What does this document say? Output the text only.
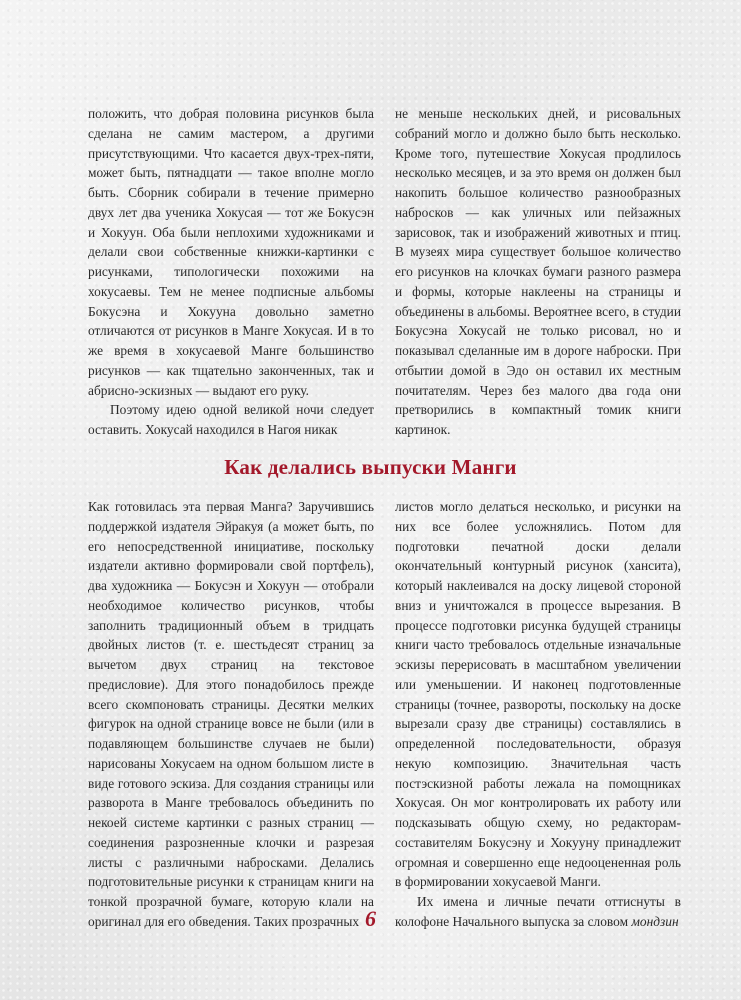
положить, что добрая половина рисунков была сделана не самим мастером, а другими присутствующими. Что касается двух-трех-пяти, может быть, пятнадцати — такое вполне могло быть. Сборник собирали в течение примерно двух лет два ученика Хокусая — тот же Бокусэн и Хокуун. Оба были неплохими художниками и делали свои собственные книжки-картинки с рисунками, типологически похожими на хокусаевы. Тем не менее подписные альбомы Бокусэна и Хокууна довольно заметно отличаются от рисунков в Манге Хокусая. И в то же время в хокусаевой Манге большинство рисунков — как тщательно законченных, так и абрисно-эскизных — выдают его руку.

Поэтому идею одной великой ночи следует оставить. Хокусай находился в Нагоя никак

не меньше нескольких дней, и рисовальных собраний могло и должно было быть несколько. Кроме того, путешествие Хокусая продлилось несколько месяцев, и за это время он должен был накопить большое количество разнообразных набросков — как уличных или пейзажных зарисовок, так и изображений животных и птиц. В музеях мира существует большое количество его рисунков на клочках бумаги разного размера и формы, которые наклеены на страницы и объединены в альбомы. Вероятнее всего, в студии Бокусэна Хокусай не только рисовал, но и показывал сделанные им в дороге наброски. При отбытии домой в Эдо он оставил их местным почитателям. Через без малого два года они претворились в компактный томик книги картинок.

Как делались выпуски Манги

Как готовилась эта первая Манга? Заручившись поддержкой издателя Эйракуя (а может быть, по его непосредственной инициативе, поскольку издатели активно формировали свой портфель), два художника — Бокусэн и Хокуун — отобрали необходимое количество рисунков, чтобы заполнить традиционный объем в тридцать двойных листов (т. е. шестьдесят страниц за вычетом двух страниц на текстовое предисловие). Для этого понадобилось прежде всего скомпоновать страницы. Десятки мелких фигурок на одной странице вовсе не были (или в подавляющем большинстве случаев не были) нарисованы Хокусаем на одном большом листе в виде готового эскиза. Для создания страницы или разворота в Манге требовалось объединить по некоей системе картинки с разных страниц — соединения разрозненные клочки и разрезая листы с различными набросками. Делались подготовительные рисунки к страницам книги на тонкой прозрачной бумаге, которую клали на оригинал для его обведения. Таких прозрачных

листов могло делаться несколько, и рисунки на них все более усложнялись. Потом для подготовки печатной доски делали окончательный контурный рисунок (хансита), который наклеивался на доску лицевой стороной вниз и уничтожался в процессе вырезания. В процессе подготовки рисунка будущей страницы книги часто требовалось отдельные изначальные эскизы перерисовать в масштабном увеличении или уменьшении. И наконец подготовленные страницы (точнее, развороты, поскольку на доске вырезали сразу две страницы) составлялись в определенной последовательности, образуя некую композицию. Значительная часть постэскизной работы лежала на помощниках Хокусая. Он мог контролировать их работу или подсказывать общую схему, но редакторам-составителям Бокусэну и Хокууну принадлежит огромная и совершенно еще недооцененная роль в формировании хокусаевой Манги.

Их имена и личные печати оттиснуты в колофоне Начального выпуска за словом мондзин

6
